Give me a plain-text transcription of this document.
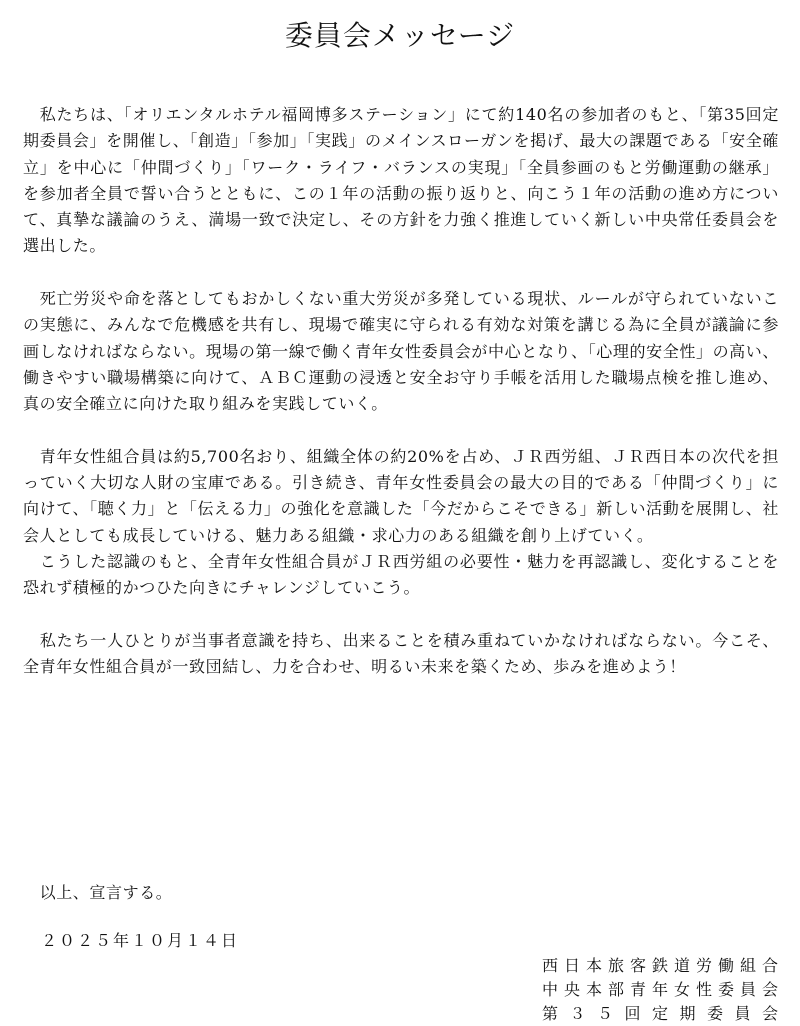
委員会メッセージ

　私たちは、「オリエンタルホテル福岡博多ステーション」にて約140名の参加者のもと、「第35回定期委員会」を開催し、「創造」「参加」「実践」のメインスローガンを掲げ、最大の課題である「安全確立」を中心に「仲間づくり」「ワーク・ライフ・バランスの実現」「全員参画のもと労働運動の継承」を参加者全員で誓い合うとともに、この１年の活動の振り返りと、向こう１年の活動の進め方について、真摯な議論のうえ、満場一致で決定し、その方針を力強く推進していく新しい中央常任委員会を選出した。

　死亡労災や命を落としてもおかしくない重大労災が多発している現状、ルールが守られていないこの実態に、みんなで危機感を共有し、現場で確実に守られる有効な対策を講じる為に全員が議論に参画しなければならない。現場の第一線で働く青年女性委員会が中心となり、「心理的安全性」の高い、働きやすい職場構築に向けて、ＡＢＣ運動の浸透と安全お守り手帳を活用した職場点検を推し進め、真の安全確立に向けた取り組みを実践していく。

　青年女性組合員は約5,700名おり、組織全体の約20%を占め、ＪＲ西労組、ＪＲ西日本の次代を担っていく大切な人財の宝庫である。引き続き、青年女性委員会の最大の目的である「仲間づくり」に向けて、「聴く力」と「伝える力」の強化を意識した「今だからこそできる」新しい活動を展開し、社会人としても成長していける、魅力ある組織・求心力のある組織を創り上げていく。

　こうした認識のもと、全青年女性組合員がＪＲ西労組の必要性・魅力を再認識し、変化することを恐れず積極的かつひた向きにチャレンジしていこう。

　私たち一人ひとりが当事者意識を持ち、出来ることを積み重ねていかなければならない。今こそ、全青年女性組合員が一致団結し、力を合わせ、明るい未来を築くため、歩みを進めよう！

　以上、宣言する。
　２０２５年１０月１４日
西日本旅客鉄道労働組合
中央本部青年女性委員会
第３５回定期委員会
